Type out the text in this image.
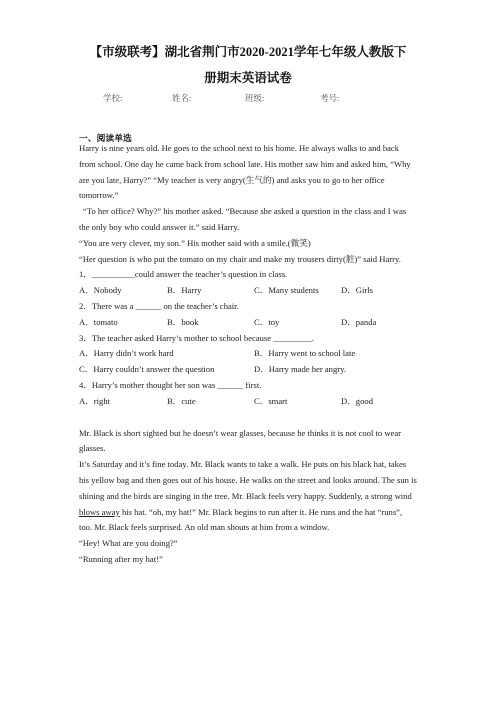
【市级联考】湖北省荆门市2020-2021学年七年级人教版下
册期末英语试卷
学校:	姓名:	班级:	考号:
一、阅读单选

Harry is nine years old. He goes to the school next to his home. He always walks to and back from school. One day he came back from school late. His mother saw him and asked him, “Why are you late, Harry?” “My teacher is very angry(生气的) and asks you to go to her office tomorrow.”

“To her office? Why?” his mother asked. “Because she asked a question in the class and I was the only boy who could answer it.” said Harry.

“You are very clever, my son.” His mother said with a smile.(微笑)

“Her question is who put the tomato on my chair and make my trousers dirty(脏)” said Harry.

1．__________could answer the teacher’s question in class.

A．Nobody	B．Harry	C．Many students	D．Girls

2．There was a ______ on the teacher’s chair.

A．tomato	B．book	C．toy	D．panda

3．The teacher asked Harry’s mother to school because _________.

A．Harry didn’t work hard	B．Harry went to school late
C．Harry couldn’t answer the question	D．Harry made her angry.

4．Harry’s mother thought her son was ______ first.

A．right	B．cute	C．smart	D．good

Mr. Black is short sighted but he doesn’t wear glasses, because he thinks it is not cool to wear glasses.

It’s Saturday and it’s fine today. Mr. Black wants to take a walk. He puts on his black hat, takes his yellow bag and then goes out of his house. He walks on the street and looks around. The sun is shining and the birds are singing in the tree. Mr. Black feels very happy. Suddenly, a strong wind blows away his hat. “oh, my hat!” Mr. Black begins to run after it. He runs and the hat “runs”, too. Mr. Black feels surprised. An old man shouts at him from a window.

“Hey! What are you doing?”

“Running after my hat!”
